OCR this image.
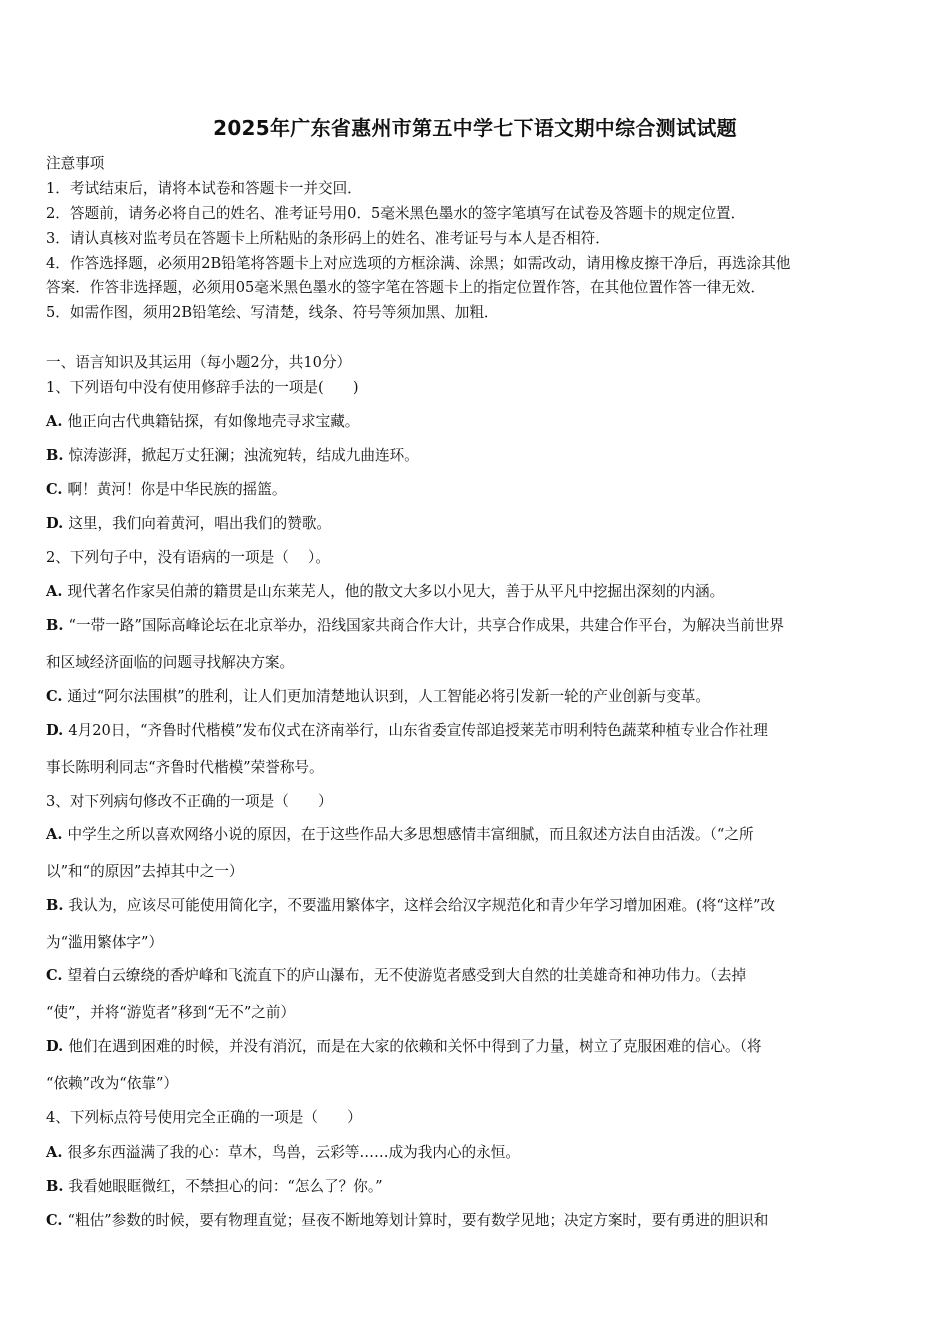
2025年广东省惠州市第五中学七下语文期中综合测试试题
注意事项
1．考试结束后，请将本试卷和答题卡一并交回．
2．答题前，请务必将自己的姓名、准考证号用0．5毫米黑色墨水的签字笔填写在试卷及答题卡的规定位置．
3．请认真核对监考员在答题卡上所粘贴的条形码上的姓名、准考证号与本人是否相符．
4．作答选择题，必须用2B铅笔将答题卡上对应选项的方框涂满、涂黑；如需改动，请用橡皮擦干净后，再选涂其他
答案．作答非选择题，必须用05毫米黑色墨水的签字笔在答题卡上的指定位置作答，在其他位置作答一律无效．
5．如需作图，须用2B铅笔绘、写清楚，线条、符号等须加黑、加粗．
一、语言知识及其运用（每小题2分，共10分）
1、下列语句中没有使用修辞手法的一项是(　　)
A . 他正向古代典籍钻探，有如像地壳寻求宝藏。
B . 惊涛澎湃，掀起万丈狂澜；浊流宛转，结成九曲连环。
C . 啊！黄河！你是中华民族的摇篮。
D . 这里，我们向着黄河，唱出我们的赞歌。
2、下列句子中，没有语病的一项是（　 ）。
A . 现代著名作家吴伯萧的籍贯是山东莱芜人，他的散文大多以小见大，善于从平凡中挖掘出深刻的内涵。
B . “一带一路”国际高峰论坛在北京举办，沿线国家共商合作大计，共享合作成果，共建合作平台，为解决当前世界
和区域经济面临的问题寻找解决方案。
C . 通过“阿尔法围棋”的胜利，让人们更加清楚地认识到，人工智能必将引发新一轮的产业创新与变革。
D . 4月20日，“齐鲁时代楷模”发布仪式在济南举行，山东省委宣传部追授莱芜市明利特色蔬菜种植专业合作社理
事长陈明利同志“齐鲁时代楷模”荣誉称号。
3、对下列病句修改不正确的一项是（　　）
A . 中学生之所以喜欢网络小说的原因，在于这些作品大多思想感情丰富细腻，而且叙述方法自由活泼。（“之所
以”和“的原因”去掉其中之一）
B . 我认为，应该尽可能使用简化字，不要滥用繁体字，这样会给汉字规范化和青少年学习增加困难。(将“这样”改
为“滥用繁体字”）
C . 望着白云缭绕的香炉峰和飞流直下的庐山瀑布，无不使游览者感受到大自然的壮美雄奇和神功伟力。（去掉
“使”，并将“游览者”移到“无不”之前）
D . 他们在遇到困难的时候，并没有消沉，而是在大家的依赖和关怀中得到了力量，树立了克服困难的信心。（将
“依赖”改为“依靠”）
4、下列标点符号使用完全正确的一项是（　　）
A . 很多东西溢满了我的心：草木，鸟兽，云彩等……成为我内心的永恒。
B . 我看她眼眶微红，不禁担心的问：“怎么了？你。”
C . “粗估”参数的时候，要有物理直觉；昼夜不断地筹划计算时，要有数学见地；决定方案时，要有勇进的胆识和
